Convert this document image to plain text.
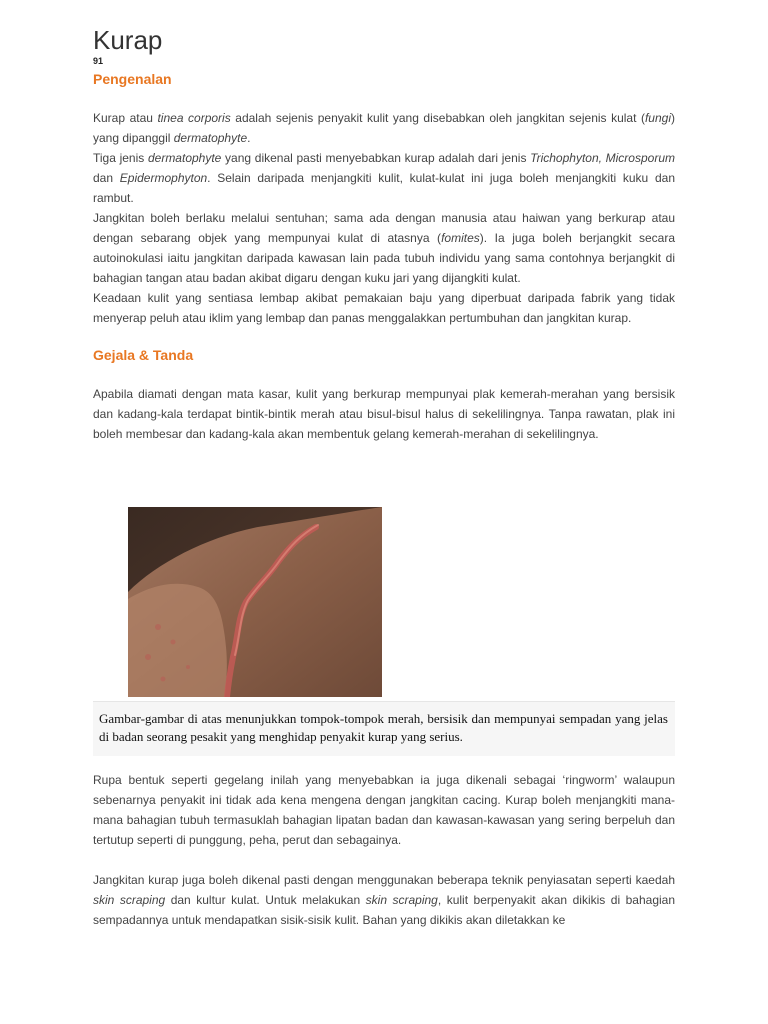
Kurap
91
Pengenalan

Kurap atau tinea corporis adalah sejenis penyakit kulit yang disebabkan oleh jangkitan sejenis kulat (fungi) yang dipanggil dermatophyte.

Tiga jenis dermatophyte yang dikenal pasti menyebabkan kurap adalah dari jenis Trichophyton, Microsporum dan Epidermophyton. Selain daripada menjangkiti kulit, kulat-kulat ini juga boleh menjangkiti kuku dan rambut.

Jangkitan boleh berlaku melalui sentuhan; sama ada dengan manusia atau haiwan yang berkurap atau dengan sebarang objek yang mempunyai kulat di atasnya (fomites). Ia juga boleh berjangkit secara autoinokulasi iaitu jangkitan daripada kawasan lain pada tubuh individu yang sama contohnya berjangkit di bahagian tangan atau badan akibat digaru dengan kuku jari yang dijangkiti kulat.

Keadaan kulit yang sentiasa lembap akibat pemakaian baju yang diperbuat daripada fabrik yang tidak menyerap peluh atau iklim yang lembap dan panas menggalakkan pertumbuhan dan jangkitan kurap.

Gejala & Tanda

Apabila diamati dengan mata kasar, kulit yang berkurap mempunyai plak kemerah-merahan yang bersisik dan kadang-kala terdapat bintik-bintik merah atau bisul-bisul halus di sekelilingnya. Tanpa rawatan, plak ini boleh membesar dan kadang-kala akan membentuk gelang kemerah-merahan di sekelilingnya.

Gambar-gambar di atas menunjukkan tompok-tompok merah, bersisik dan mempunyai sempadan yang jelas di badan seorang pesakit yang menghidap penyakit kurap yang serius.

Rupa bentuk seperti gegelang inilah yang menyebabkan ia juga dikenali sebagai ‘ringworm’ walaupun sebenarnya penyakit ini tidak ada kena mengena dengan jangkitan cacing. Kurap boleh menjangkiti mana-mana bahagian tubuh termasuklah bahagian lipatan badan dan kawasan-kawasan yang sering berpeluh dan tertutup seperti di punggung, peha, perut dan sebagainya.

Jangkitan kurap juga boleh dikenal pasti dengan menggunakan beberapa teknik penyiasatan seperti kaedah skin scraping dan kultur kulat. Untuk melakukan skin scraping, kulit berpenyakit akan dikikis di bahagian sempadannya untuk mendapatkan sisik-sisik kulit. Bahan yang dikikis akan diletakkan ke
